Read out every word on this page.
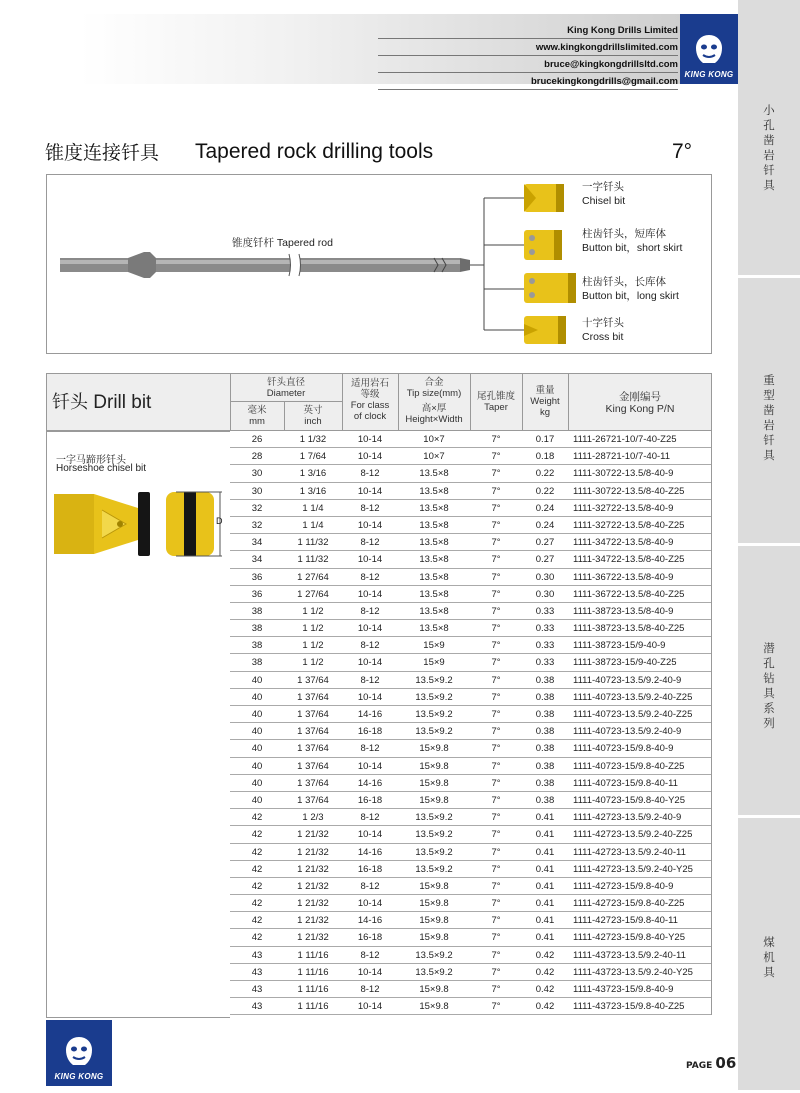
King Kong Drills Limited
www.kingkongdrillslimited.com
bruce@kingkongdrillsltd.com
brucekingkongdrills@gmail.com
KING KONG
小孔凿岩钎具
重型凿岩钎具
潜孔钻具系列
煤机具
锥度连接钎具 Tapered rock drilling tools	7°
锥度钎杆 Tapered rod
一字钎头
Chisel bit
柱齿钎头，短库体
Button bit，short skirt
柱齿钎头，长库体
Button bit，long skirt
十字钎头
Cross bit
钎头 Drill bit
钎头直径
Diameter
毫米
mm
英寸
inch
适用岩石
等级
For class
of clock
合金
Tip size(mm)
高×厚
Height×Width
尾孔锥度
Taper
重量
Weight
kg
金刚编号
King Kong P/N
一字马蹄形钎头
Horseshoe chisel bit
D
26	1 1/32	10-14	10×7	7°	0.17	1111-26721-10/7-40-Z25
28	1 7/64	10-14	10×7	7°	0.18	1111-28721-10/7-40-11
30	1 3/16	8-12	13.5×8	7°	0.22	1111-30722-13.5/8-40-9
30	1 3/16	10-14	13.5×8	7°	0.22	1111-30722-13.5/8-40-Z25
32	1 1/4	8-12	13.5×8	7°	0.24	1111-32722-13.5/8-40-9
32	1 1/4	10-14	13.5×8	7°	0.24	1111-32722-13.5/8-40-Z25
34	1 11/32	8-12	13.5×8	7°	0.27	1111-34722-13.5/8-40-9
34	1 11/32	10-14	13.5×8	7°	0.27	1111-34722-13.5/8-40-Z25
36	1 27/64	8-12	13.5×8	7°	0.30	1111-36722-13.5/8-40-9
36	1 27/64	10-14	13.5×8	7°	0.30	1111-36722-13.5/8-40-Z25
38	1 1/2	8-12	13.5×8	7°	0.33	1111-38723-13.5/8-40-9
38	1 1/2	10-14	13.5×8	7°	0.33	1111-38723-13.5/8-40-Z25
38	1 1/2	8-12	15×9	7°	0.33	1111-38723-15/9-40-9
38	1 1/2	10-14	15×9	7°	0.33	1111-38723-15/9-40-Z25
40	1 37/64	8-12	13.5×9.2	7°	0.38	1111-40723-13.5/9.2-40-9
40	1 37/64	10-14	13.5×9.2	7°	0.38	1111-40723-13.5/9.2-40-Z25
40	1 37/64	14-16	13.5×9.2	7°	0.38	1111-40723-13.5/9.2-40-Z25
40	1 37/64	16-18	13.5×9.2	7°	0.38	1111-40723-13.5/9.2-40-9
40	1 37/64	8-12	15×9.8	7°	0.38	1111-40723-15/9.8-40-9
40	1 37/64	10-14	15×9.8	7°	0.38	1111-40723-15/9.8-40-Z25
40	1 37/64	14-16	15×9.8	7°	0.38	1111-40723-15/9.8-40-11
40	1 37/64	16-18	15×9.8	7°	0.38	1111-40723-15/9.8-40-Y25
42	1 2/3	8-12	13.5×9.2	7°	0.41	1111-42723-13.5/9.2-40-9
42	1 21/32	10-14	13.5×9.2	7°	0.41	1111-42723-13.5/9.2-40-Z25
42	1 21/32	14-16	13.5×9.2	7°	0.41	1111-42723-13.5/9.2-40-11
42	1 21/32	16-18	13.5×9.2	7°	0.41	1111-42723-13.5/9.2-40-Y25
42	1 21/32	8-12	15×9.8	7°	0.41	1111-42723-15/9.8-40-9
42	1 21/32	10-14	15×9.8	7°	0.41	1111-42723-15/9.8-40-Z25
42	1 21/32	14-16	15×9.8	7°	0.41	1111-42723-15/9.8-40-11
42	1 21/32	16-18	15×9.8	7°	0.41	1111-42723-15/9.8-40-Y25
43	1 11/16	8-12	13.5×9.2	7°	0.42	1111-43723-13.5/9.2-40-11
43	1 11/16	10-14	13.5×9.2	7°	0.42	1111-43723-13.5/9.2-40-Y25
43	1 11/16	8-12	15×9.8	7°	0.42	1111-43723-15/9.8-40-9
43	1 11/16	10-14	15×9.8	7°	0.42	1111-43723-15/9.8-40-Z25
KING KONG
PAGE 06
